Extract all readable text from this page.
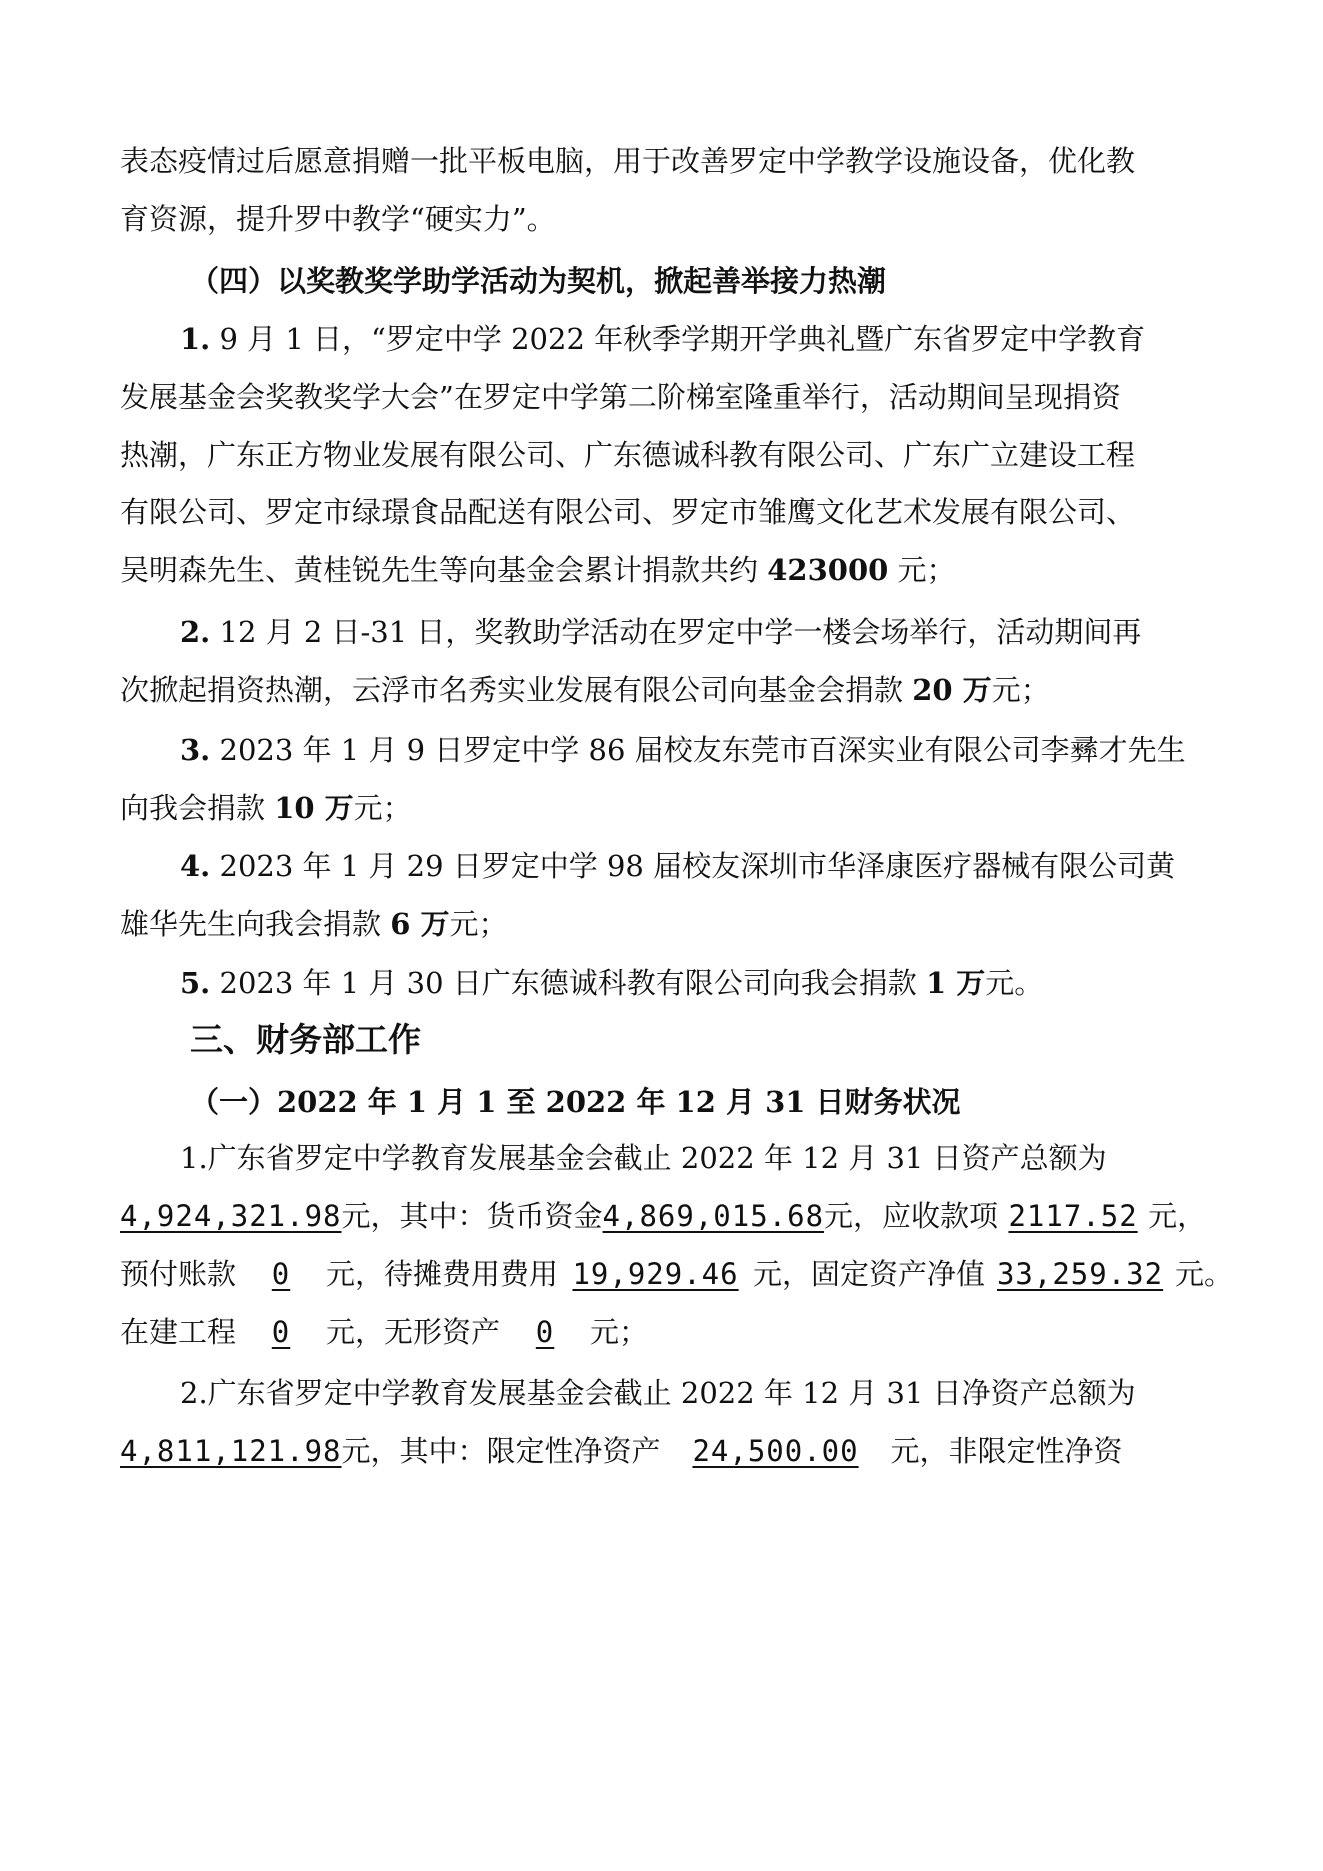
表态疫情过后愿意捐赠一批平板电脑，用于改善罗定中学教学设施设备，优化教

育资源，提升罗中教学“硬实力”。

（四）以奖教奖学助学活动为契机，掀起善举接力热潮

1. 9 月 1 日，“罗定中学 2022 年秋季学期开学典礼暨广东省罗定中学教育

发展基金会奖教奖学大会”在罗定中学第二阶梯室隆重举行，活动期间呈现捐资

热潮，广东正方物业发展有限公司、广东德诚科教有限公司、广东广立建设工程

有限公司、罗定市绿璟食品配送有限公司、罗定市雏鹰文化艺术发展有限公司、

吴明森先生、黄桂锐先生等向基金会累计捐款共约 423000 元；

2. 12 月 2 日-31 日，奖教助学活动在罗定中学一楼会场举行，活动期间再

次掀起捐资热潮，云浮市名秀实业发展有限公司向基金会捐款 20 万元；

3. 2023 年 1 月 9 日罗定中学 86 届校友东莞市百深实业有限公司李彞才先生

向我会捐款 10 万元；

4. 2023 年 1 月 29 日罗定中学 98 届校友深圳市华泽康医疗器械有限公司黄

雄华先生向我会捐款 6 万元；

5. 2023 年 1 月 30 日广东德诚科教有限公司向我会捐款 1 万元。

三、财务部工作

（一）2022 年 1 月 1 至 2022 年 12 月 31 日财务状况

1.广东省罗定中学教育发展基金会截止 2022 年 12 月 31 日资产总额为

4,924,321.98元，其中：货币资金4,869,015.68元，应收款项 2117.52 元，

预付账款 0 元，待摊费用费用 19,929.46 元，固定资产净值 33,259.32 元。

在建工程 0 元，无形资产 0 元；

2.广东省罗定中学教育发展基金会截止 2022 年 12 月 31 日净资产总额为

4,811,121.98元，其中：限定性净资产 24,500.00 元，非限定性净资
